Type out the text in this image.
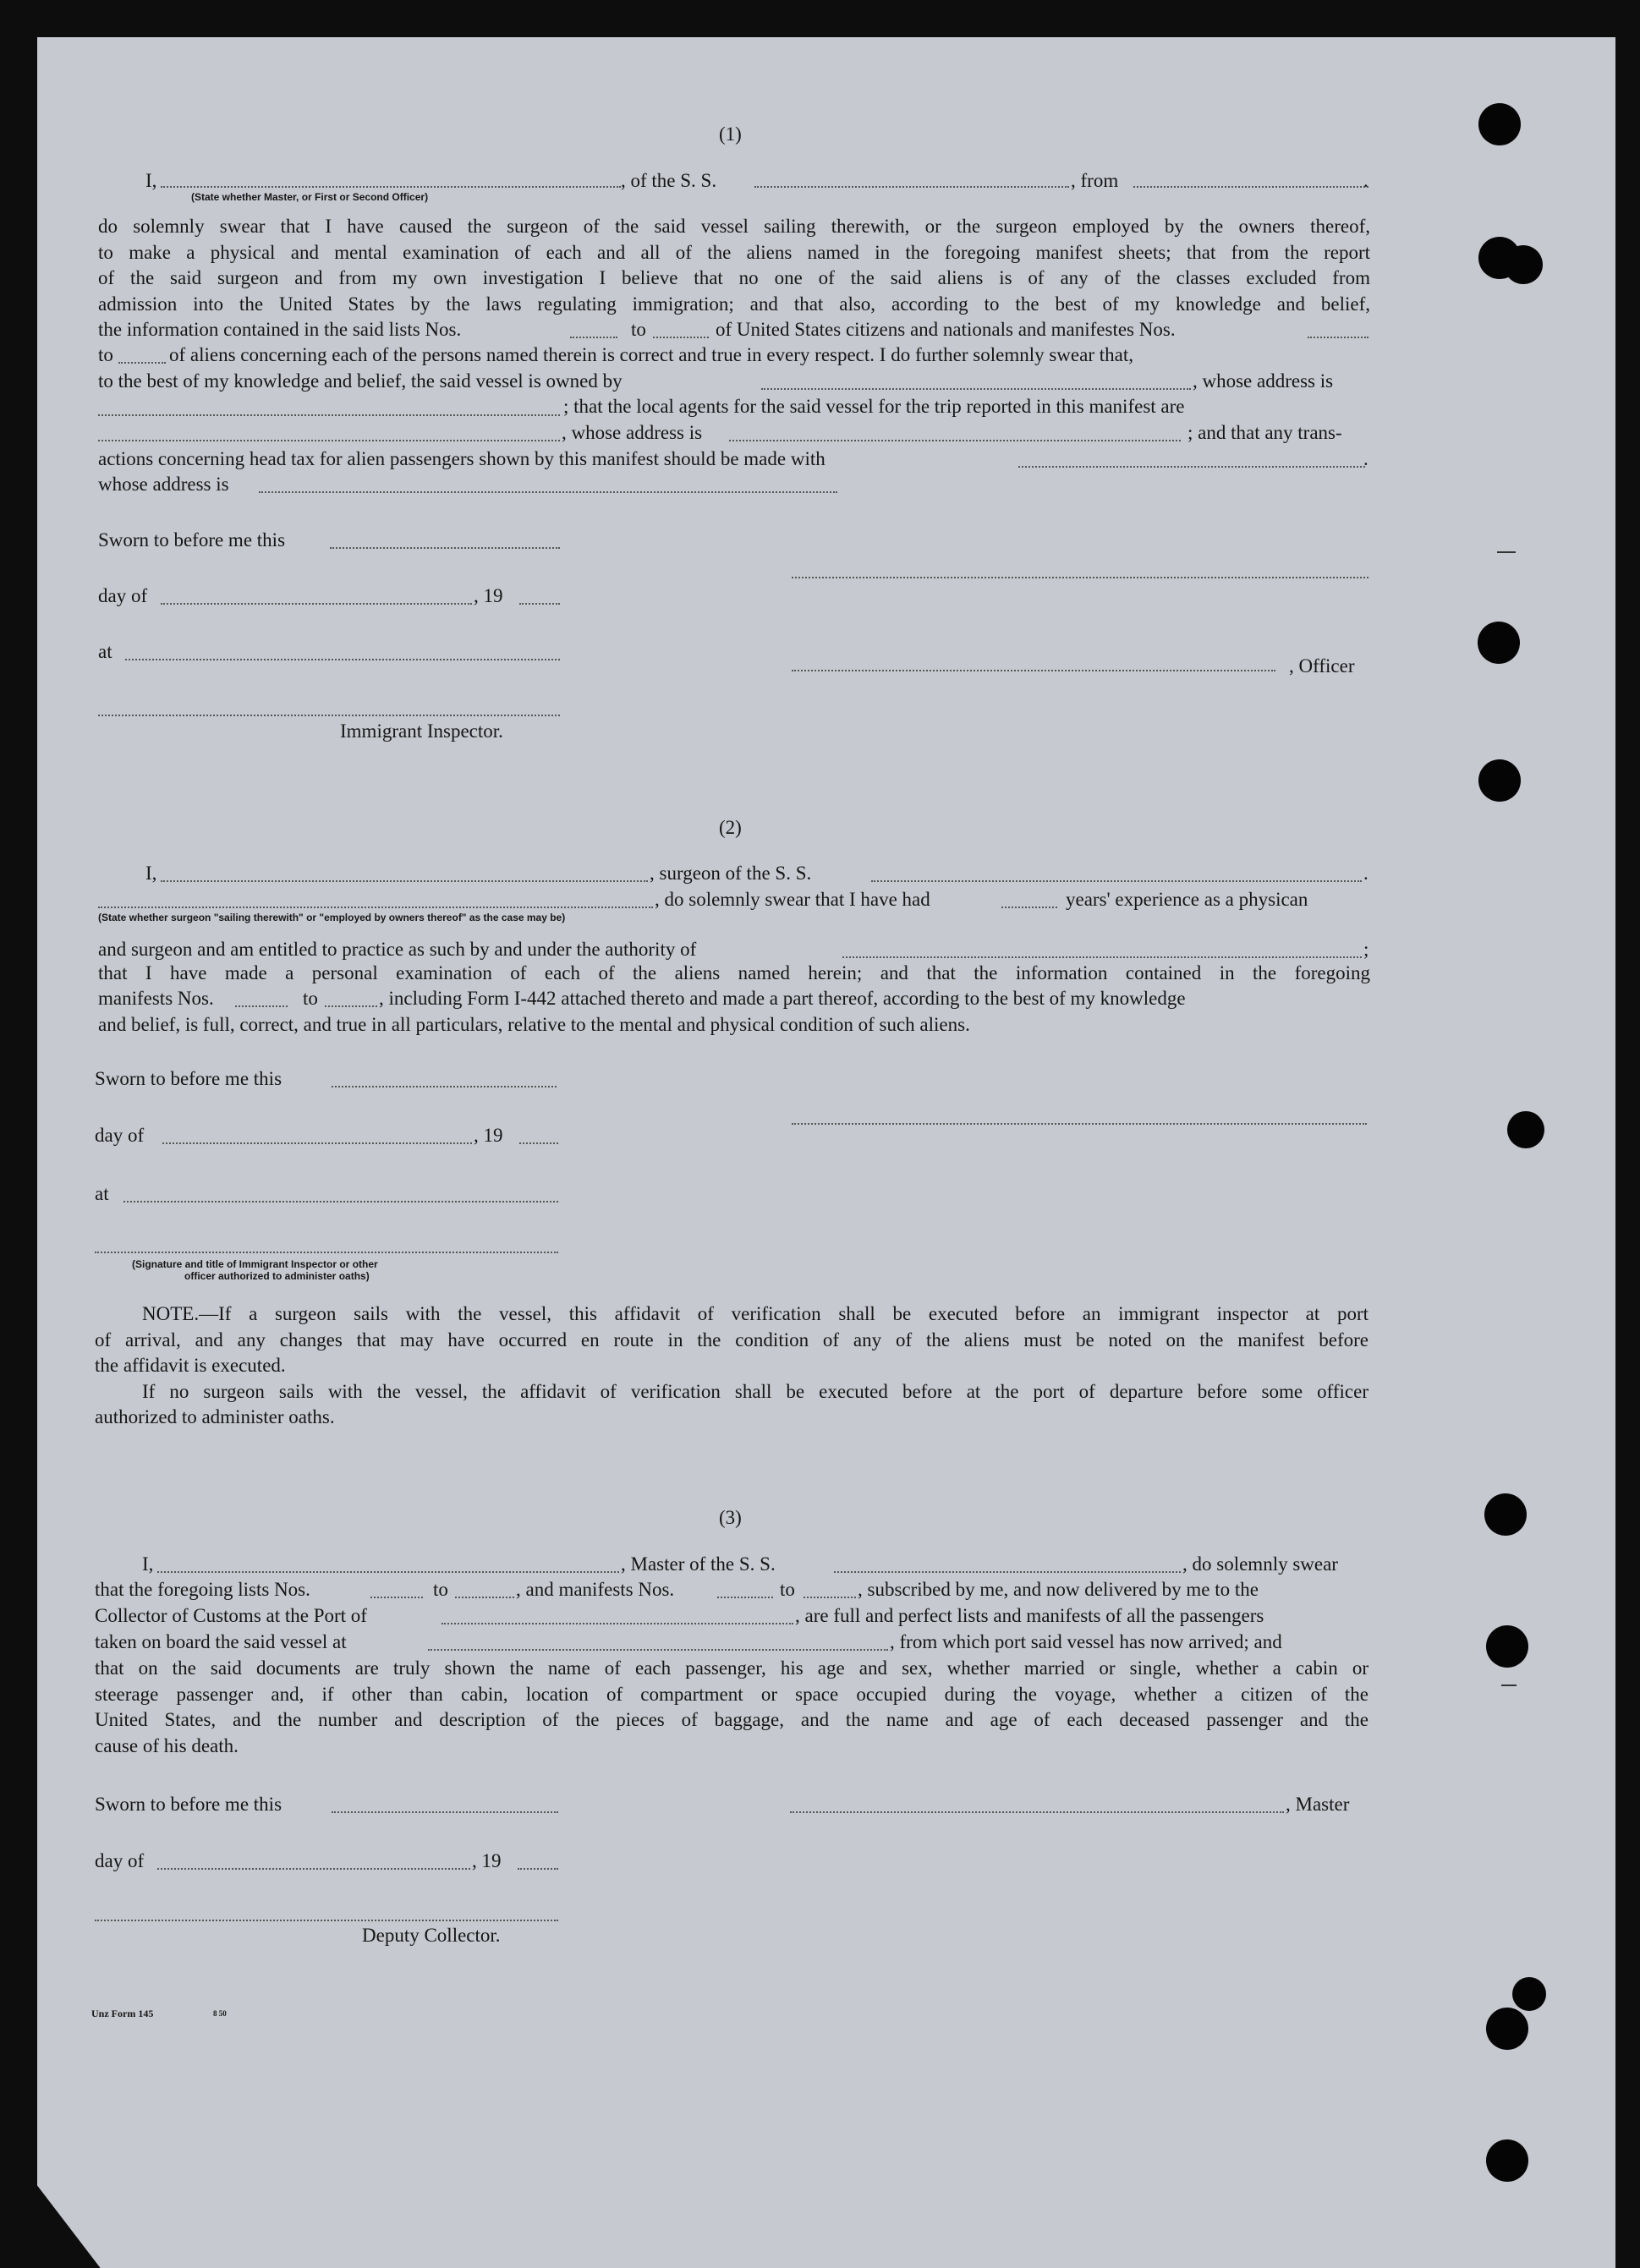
(1)
I,	, of the S. S.	, from	.
(State whether Master, or First or Second Officer)
do solemnly swear that I have caused the surgeon of the said vessel sailing therewith, or the surgeon employed by the owners thereof,
to make a physical and mental examination of each and all of the aliens named in the foregoing manifest sheets; that from the report
of the said surgeon and from my own investigation I believe that no one of the said aliens is of any of the classes excluded from
admission into the United States by the laws regulating immigration; and that also, according to the best of my knowledge and belief,
the information contained in the said lists Nos.	to	of United States citizens and nationals and manifestes Nos.
to	of aliens concerning each of the persons named therein is correct and true in every respect. I do further solemnly swear that,
to the best of my knowledge and belief, the said vessel is owned by	, whose address is
; that the local agents for the said vessel for the trip reported in this manifest are
, whose address is	; and that any trans-
actions concerning head tax for alien passengers shown by this manifest should be made with	.
whose address is
Sworn to before me this
day of	, 19
at
, Officer
Immigrant Inspector.
(2)
I,	, surgeon of the S. S.	.
, do solemnly swear that I have had	years' experience as a physican
(State whether surgeon "sailing therewith" or "employed by owners thereof" as the case may be)
and surgeon and am entitled to practice as such by and under the authority of	;
that I have made a personal examination of each of the aliens named herein; and that the information contained in the foregoing
manifests Nos.	to	, including Form I-442 attached thereto and made a part thereof, according to the best of my knowledge
and belief, is full, correct, and true in all particulars, relative to the mental and physical condition of such aliens.
Sworn to before me this
day of	, 19
at
(Signature and title of Immigrant Inspector or other
officer authorized to administer oaths)
NOTE.—If a surgeon sails with the vessel, this affidavit of verification shall be executed before an immigrant inspector at port
of arrival, and any changes that may have occurred en route in the condition of any of the aliens must be noted on the manifest before
the affidavit is executed.
If no surgeon sails with the vessel, the affidavit of verification shall be executed before at the port of departure before some officer
authorized to administer oaths.
(3)
I,	, Master of the S. S.	, do solemnly swear
that the foregoing lists Nos.	to	, and manifests Nos.	to	, subscribed by me, and now delivered by me to the
Collector of Customs at the Port of	, are full and perfect lists and manifests of all the passengers
taken on board the said vessel at	, from which port said vessel has now arrived; and
that on the said documents are truly shown the name of each passenger, his age and sex, whether married or single, whether a cabin or
steerage passenger and, if other than cabin, location of compartment or space occupied during the voyage, whether a citizen of the
United States, and the number and description of the pieces of baggage, and the name and age of each deceased passenger and the
cause of his death.
Sworn to before me this	, Master
day of	, 19
Deputy Collector.
Unz Form 145	8 50
